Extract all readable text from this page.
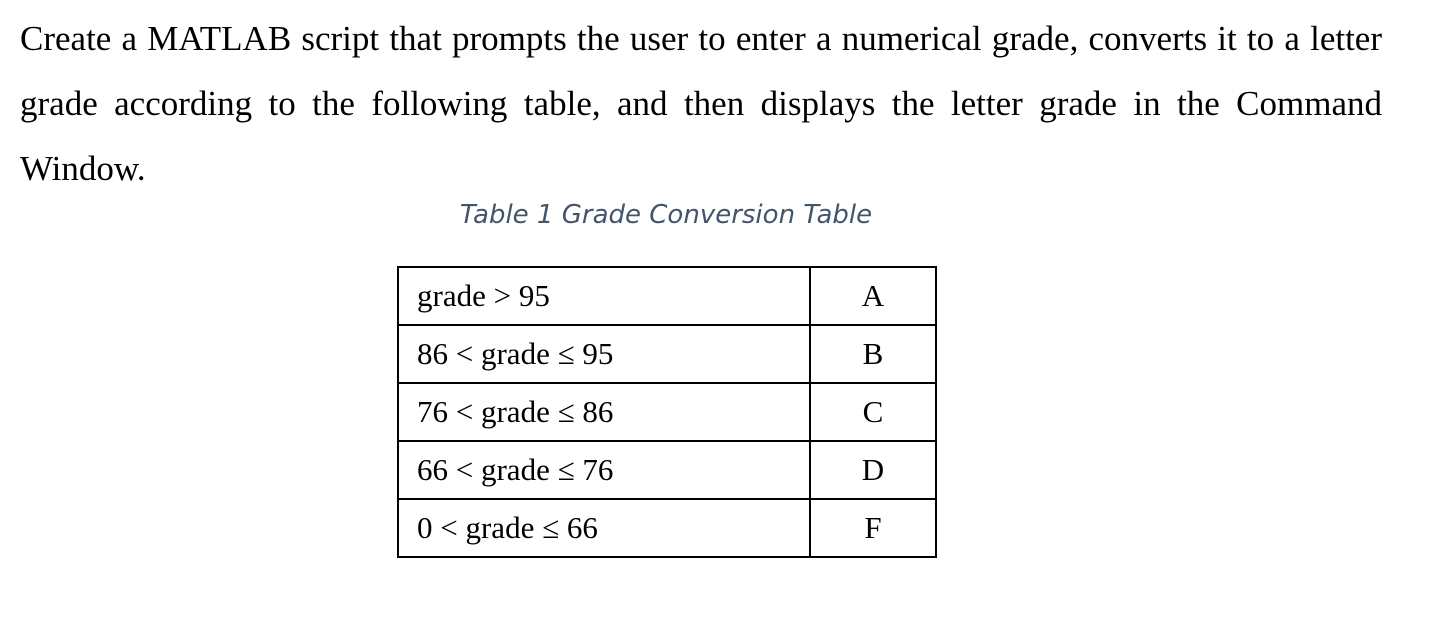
Create a MATLAB script that prompts the user to enter a numerical grade, converts it to a letter grade according to the following table, and then displays the letter grade in the Command Window.

Table 1 Grade Conversion Table

grade > 95	A
86 < grade ≤ 95	B
76 < grade ≤ 86	C
66 < grade ≤ 76	D
0 < grade ≤ 66	F
